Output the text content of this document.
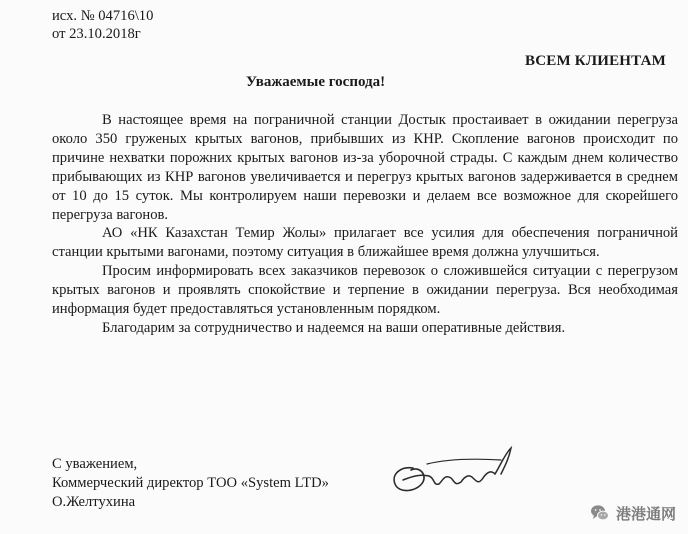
исх. № 04716\10
от 23.10.2018г
ВСЕМ КЛИЕНТАМ
Уважаемые господа!

В настоящее время на пограничной станции Достык простаивает в ожидании перегруза около 350 груженых крытых вагонов, прибывших из КНР. Скопление вагонов происходит по причине нехватки порожних крытых вагонов из-за уборочной страды. С каждым днем количество прибывающих из КНР вагонов увеличивается и перегруз крытых вагонов задерживается в среднем от 10 до 15 суток. Мы контролируем наши перевозки и делаем все возможное для скорейшего перегруза вагонов.

АО «НК Казахстан Темир Жолы» прилагает все усилия для обеспечения пограничной станции крытыми вагонами, поэтому ситуация в ближайшее время должна улучшиться.

Просим информировать всех заказчиков перевозок о сложившейся ситуации с перегрузом крытых вагонов и проявлять спокойствие и терпение в ожидании перегруза. Вся необходимая информация будет предоставляться установленным порядком.

Благодарим за сотрудничество и надеемся на ваши оперативные действия.

С уважением,
Коммерческий директор ТОО «System LTD»
О.Желтухина
港港通网
